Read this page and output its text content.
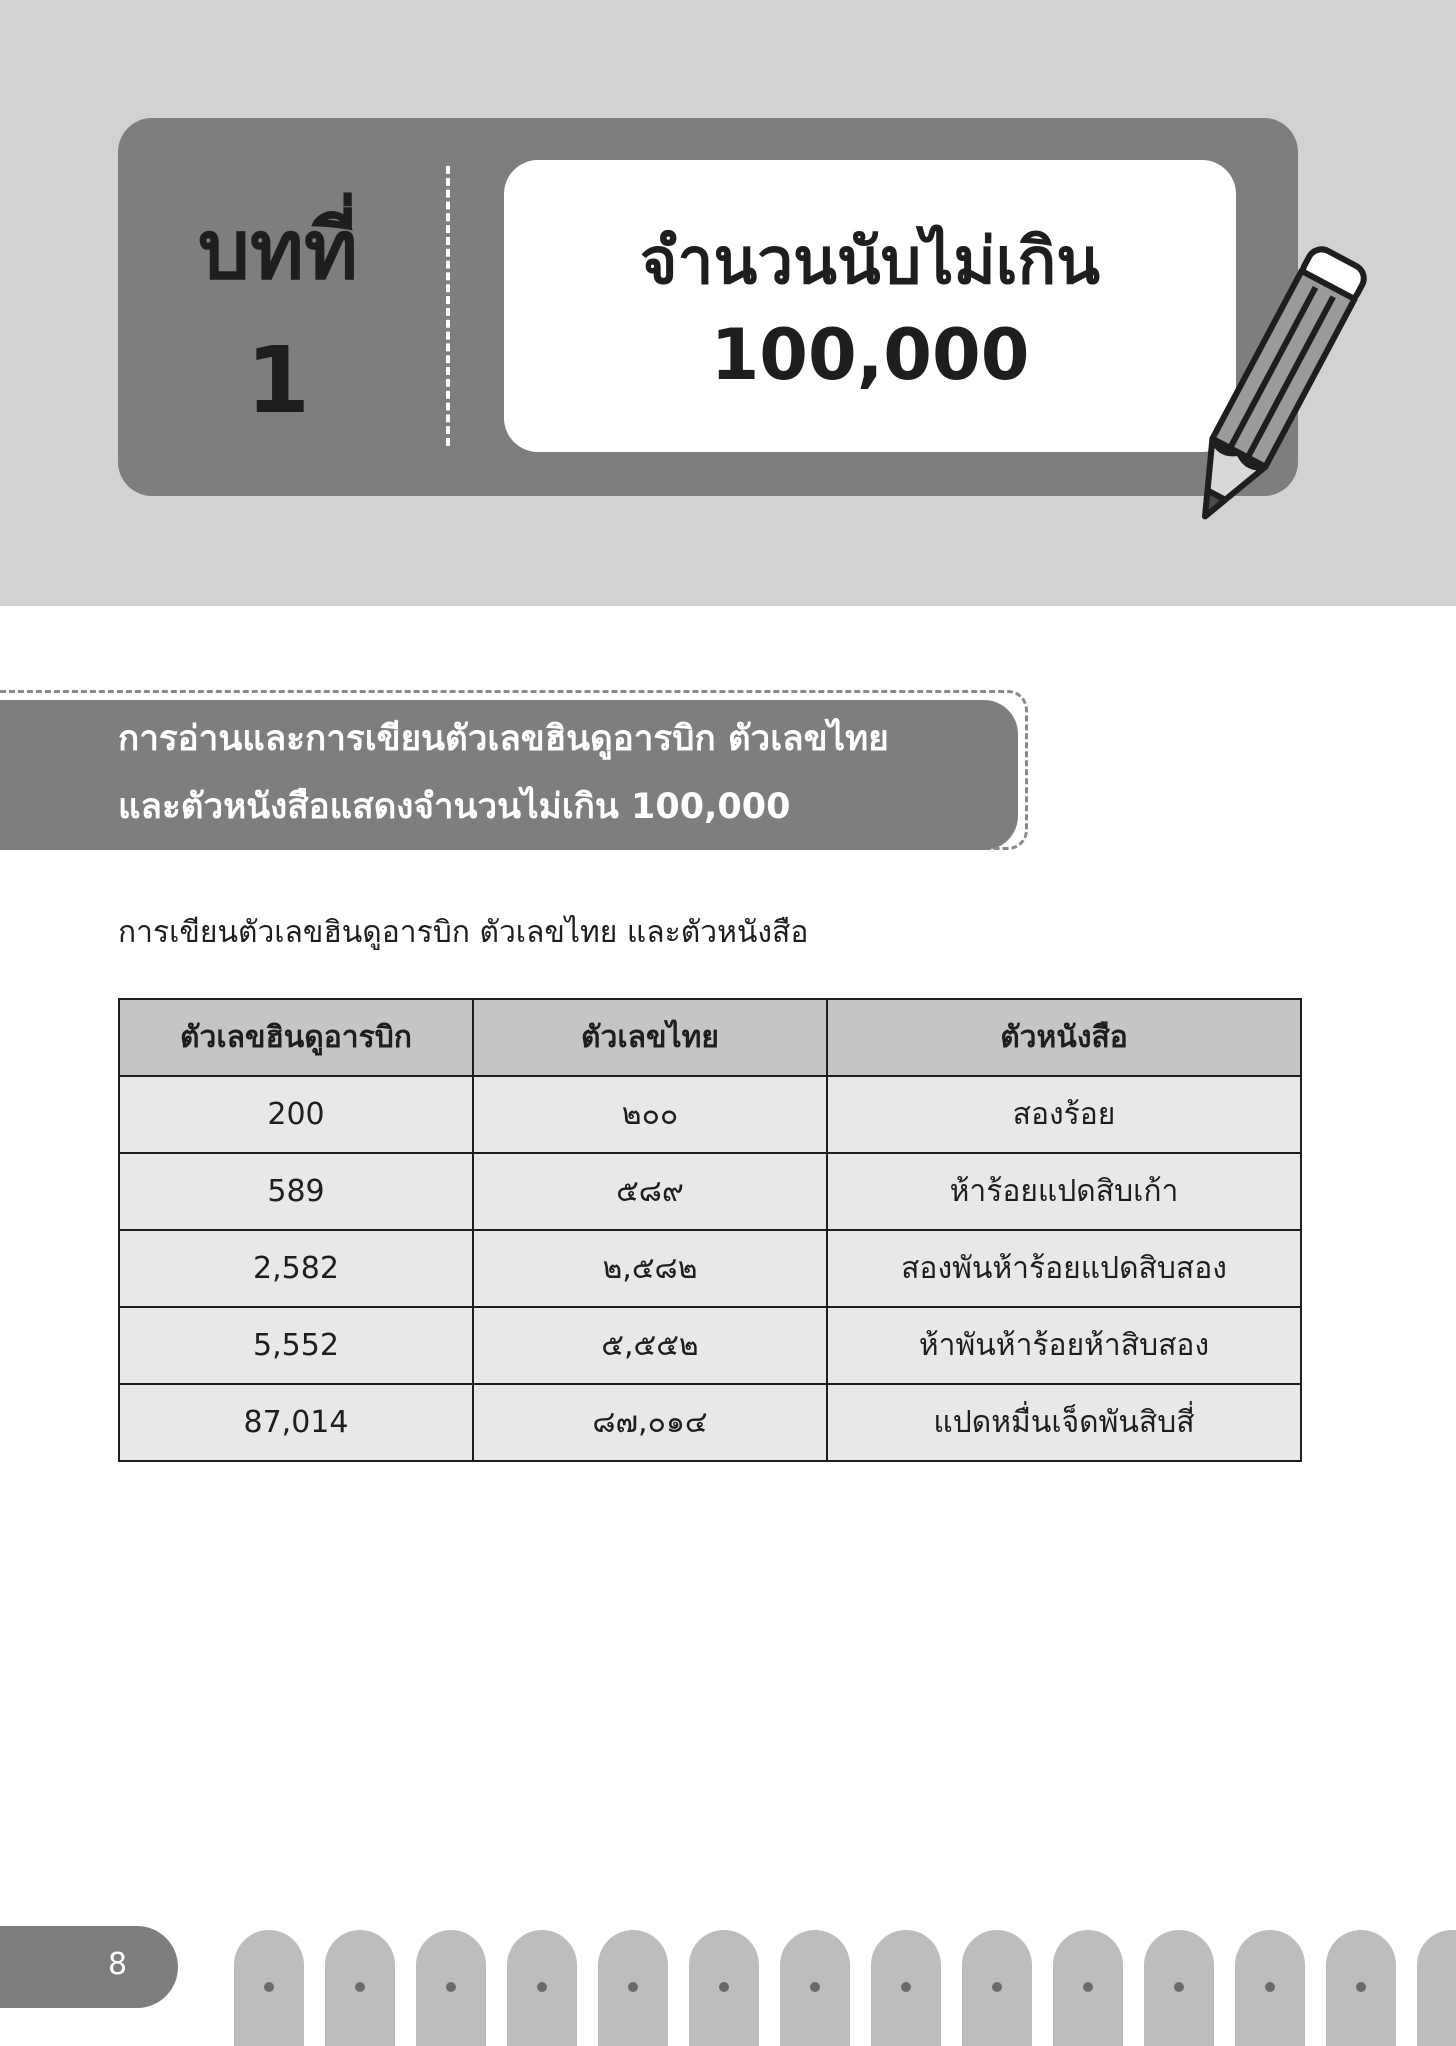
บทที่
1
จำนวนนับไม่เกิน
100,000
การอ่านและการเขียนตัวเลขฮินดูอารบิก ตัวเลขไทย
และตัวหนังสือแสดงจำนวนไม่เกิน 100,000
การเขียนตัวเลขฮินดูอารบิก ตัวเลขไทย และตัวหนังสือ
ตัวเลขฮินดูอารบิก	ตัวเลขไทย	ตัวหนังสือ
200	๒๐๐	สองร้อย
589	๕๘๙	ห้าร้อยแปดสิบเก้า
2,582	๒,๕๘๒	สองพันห้าร้อยแปดสิบสอง
5,552	๕,๕๕๒	ห้าพันห้าร้อยห้าสิบสอง
87,014	๘๗,๐๑๔	แปดหมื่นเจ็ดพันสิบสี่
8
